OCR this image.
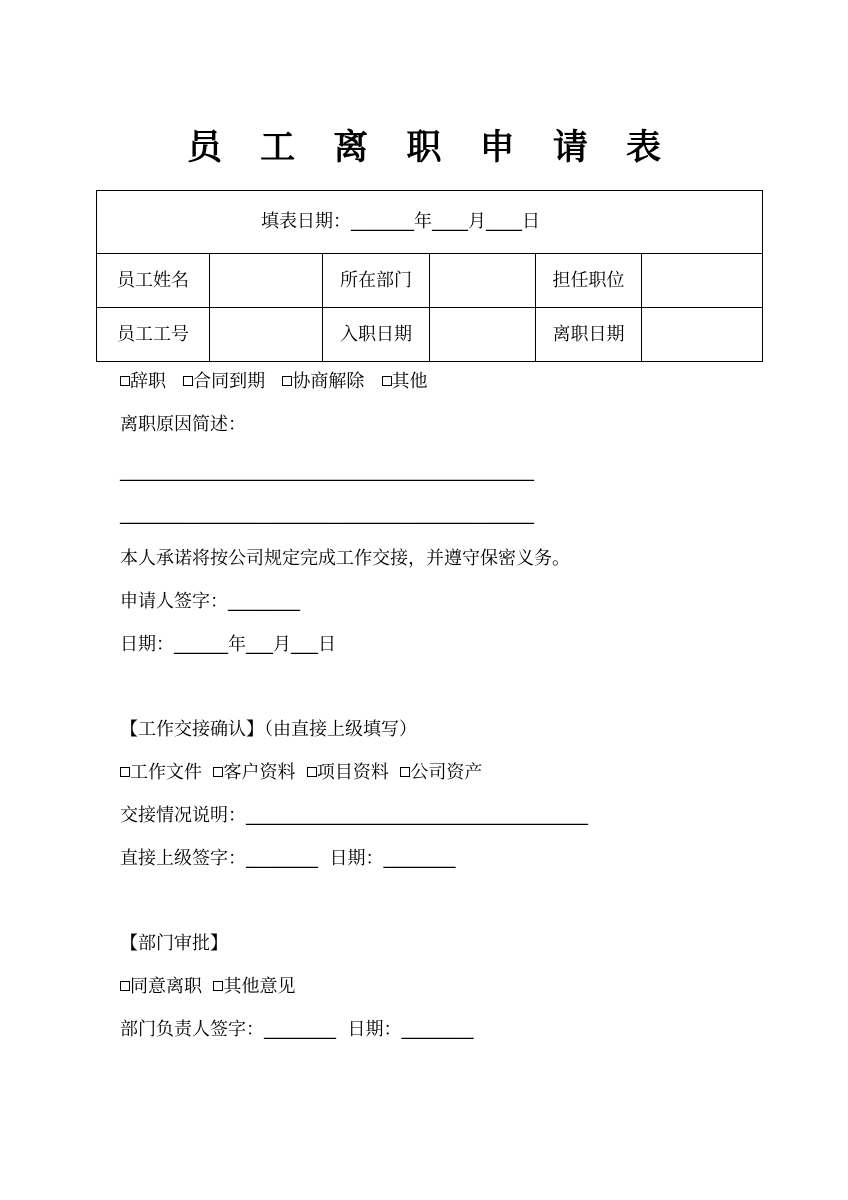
员 工 离 职 申 请 表
填表日期：_______年____月____日					
员工姓名		所在部门		担任职位	
员工工号		入职日期		离职日期	
辞职 合同到期 协商解除 其他
离职原因简述：
______________________________________________
______________________________________________
本人承诺将按公司规定完成工作交接，并遵守保密义务。
申请人签字：________
日期：______年___月___日
【工作交接确认】（由直接上级填写）
工作文件 客户资料 项目资料 公司资产
交接情况说明：______________________________________
直接上级签字：________  日期：________
【部门审批】
同意离职 其他意见
部门负责人签字：________  日期：________
